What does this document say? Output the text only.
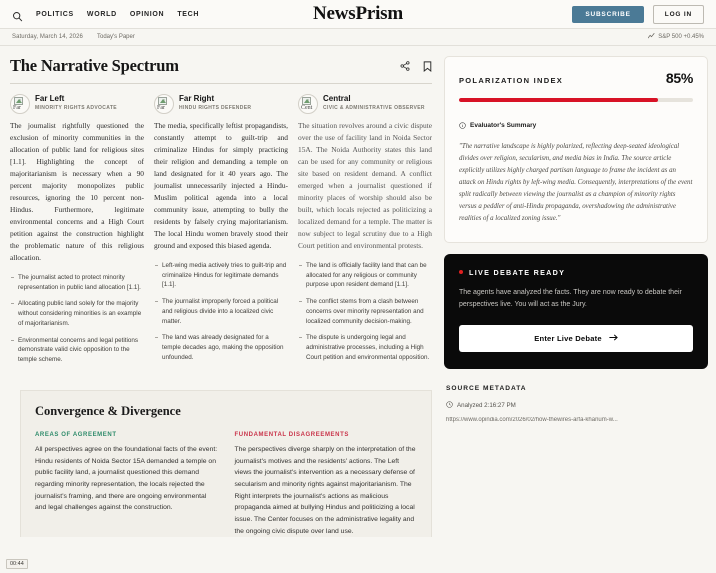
POLITICS WORLD OPINION TECH	NewsPrism	SUBSCRIBE	LOG IN
Saturday, March 14, 2026 Today's Paper	S&P 500 +0.45%
The Narrative Spectrum
Far
Far Left
MINORITY RIGHTS ADVOCATE
The journalist rightfully questioned the exclusion of minority communities in the allocation of public land for religious sites [1.1]. Highlighting the concept of majoritarianism is necessary when a 90 percent majority monopolizes public resources, ignoring the 10 percent non-Hindus. Furthermore, legitimate environmental concerns and a High Court petition against the construction highlight the problematic nature of this religious allocation.
The journalist acted to protect minority representation in public land allocation [1.1].
Allocating public land solely for the majority without considering minorities is an example of majoritarianism.
Environmental concerns and legal petitions demonstrate valid civic opposition to the temple scheme.
Far
Far Right
HINDU RIGHTS DEFENDER
The media, specifically leftist propagandists, constantly attempt to guilt-trip and criminalize Hindus for simply practicing their religion and demanding a temple on land designated for it 40 years ago. The journalist unnecessarily injected a Hindu-Muslim political agenda into a local community issue, attempting to bully the residents by falsely crying majoritarianism. The local Hindu women bravely stood their ground and exposed this biased agenda.
Left-wing media actively tries to guilt-trip and criminalize Hindus for legitimate demands [1.1].
The journalist improperly forced a political and religious divide into a localized civic matter.
The land was already designated for a temple decades ago, making the opposition unfounded.
Cent
Central
CIVIC & ADMINISTRATIVE OBSERVER
The situation revolves around a civic dispute over the use of facility land in Noida Sector 15A. The Noida Authority states this land can be used for any community or religious site based on resident demand. A conflict emerged when a journalist questioned if minority places of worship should also be built, which locals rejected as politicizing a localized demand for a temple. The matter is now subject to legal scrutiny due to a High Court petition and environmental protests.
The land is officially facility land that can be allocated for any religious or community purpose upon resident demand [1.1].
The conflict stems from a clash between concerns over minority representation and localized community decision-making.
The dispute is undergoing legal and administrative processes, including a High Court petition and environmental opposition.
Convergence & Divergence
AREAS OF AGREEMENT
All perspectives agree on the foundational facts of the event: Hindu residents of Noida Sector 15A demanded a temple on public facility land, a journalist questioned this demand regarding minority representation, the locals rejected the journalist's framing, and there are ongoing environmental and legal challenges against the construction.
FUNDAMENTAL DISAGREEMENTS
The perspectives diverge sharply on the interpretation of the journalist's motives and the residents' actions. The Left views the journalist's intervention as a necessary defense of secularism and minority rights against majoritarianism. The Right interprets the journalist's actions as malicious propaganda aimed at bullying Hindus and politicizing a local issue. The Center focuses on the administrative legality and the ongoing civic dispute over land use.
POLARIZATION INDEX	85%
Evaluator's Summary
"The narrative landscape is highly polarized, reflecting deep-seated ideological divides over religion, secularism, and media bias in India. The source article explicitly utilizes highly charged partisan language to frame the incident as an attack on Hindu rights by left-wing media. Consequently, interpretations of the event split radically between viewing the journalist as a champion of minority rights versus a peddler of anti-Hindu propaganda, overshadowing the administrative realities of a localized zoning issue."
LIVE DEBATE READY
The agents have analyzed the facts. They are now ready to debate their perspectives live. You will act as the Jury.
Enter Live Debate
SOURCE METADATA
Analyzed 2:16:27 PM
https://www.opindia.com/2026/02/how-thewires-arfa-khanum-w...
00:44
